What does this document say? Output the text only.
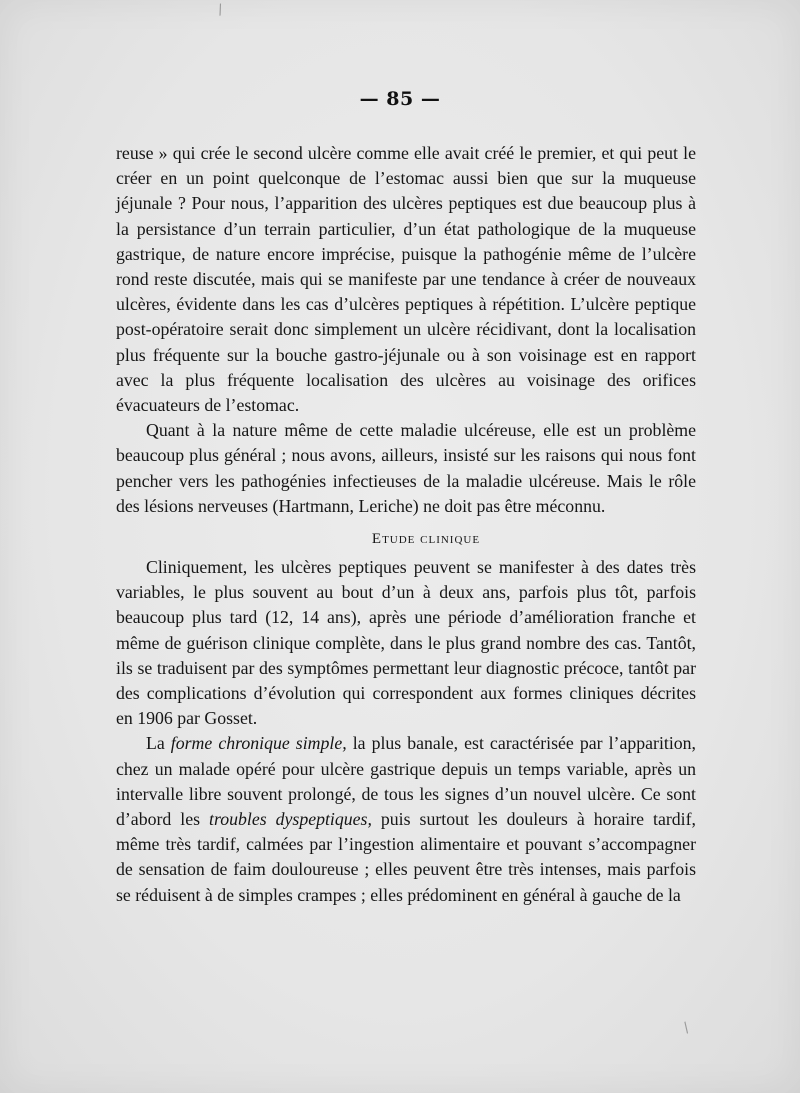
/
— 85 —

reuse » qui crée le second ulcère comme elle avait créé le premier, et qui peut le créer en un point quelconque de l’estomac aussi bien que sur la muqueuse jéjunale ? Pour nous, l’apparition des ulcères peptiques est due beaucoup plus à la persistance d’un terrain particulier, d’un état pathologique de la muqueuse gastrique, de nature encore imprécise, puisque la pathogénie même de l’ulcère rond reste discutée, mais qui se manifeste par une tendance à créer de nouveaux ulcères, évidente dans les cas d’ulcères peptiques à répétition. L’ulcère peptique post-opératoire serait donc simplement un ulcère récidivant, dont la localisation plus fréquente sur la bouche gastro-jéjunale ou à son voisinage est en rapport avec la plus fréquente localisation des ulcères au voisinage des orifices évacuateurs de l’estomac.

Quant à la nature même de cette maladie ulcéreuse, elle est un problème beaucoup plus général ; nous avons, ailleurs, insisté sur les raisons qui nous font pencher vers les pathogénies infectieuses de la maladie ulcéreuse. Mais le rôle des lésions nerveuses (Hartmann, Leriche) ne doit pas être méconnu.

Etude clinique

Cliniquement, les ulcères peptiques peuvent se manifester à des dates très variables, le plus souvent au bout d’un à deux ans, parfois plus tôt, parfois beaucoup plus tard (12, 14 ans), après une période d’amélioration franche et même de guérison clinique complète, dans le plus grand nombre des cas. Tantôt, ils se traduisent par des symptômes permettant leur diagnostic précoce, tantôt par des complications d’évolution qui correspondent aux formes cliniques décrites en 1906 par Gosset.

La forme chronique simple, la plus banale, est caractérisée par l’apparition, chez un malade opéré pour ulcère gastrique depuis un temps variable, après un intervalle libre souvent prolongé, de tous les signes d’un nouvel ulcère. Ce sont d’abord les troubles dyspeptiques, puis surtout les douleurs à horaire tardif, même très tardif, calmées par l’ingestion alimentaire et pouvant s’accompagner de sensation de faim douloureuse ; elles peuvent être très intenses, mais parfois se réduisent à de simples crampes ; elles prédominent en général à gauche de la

/
